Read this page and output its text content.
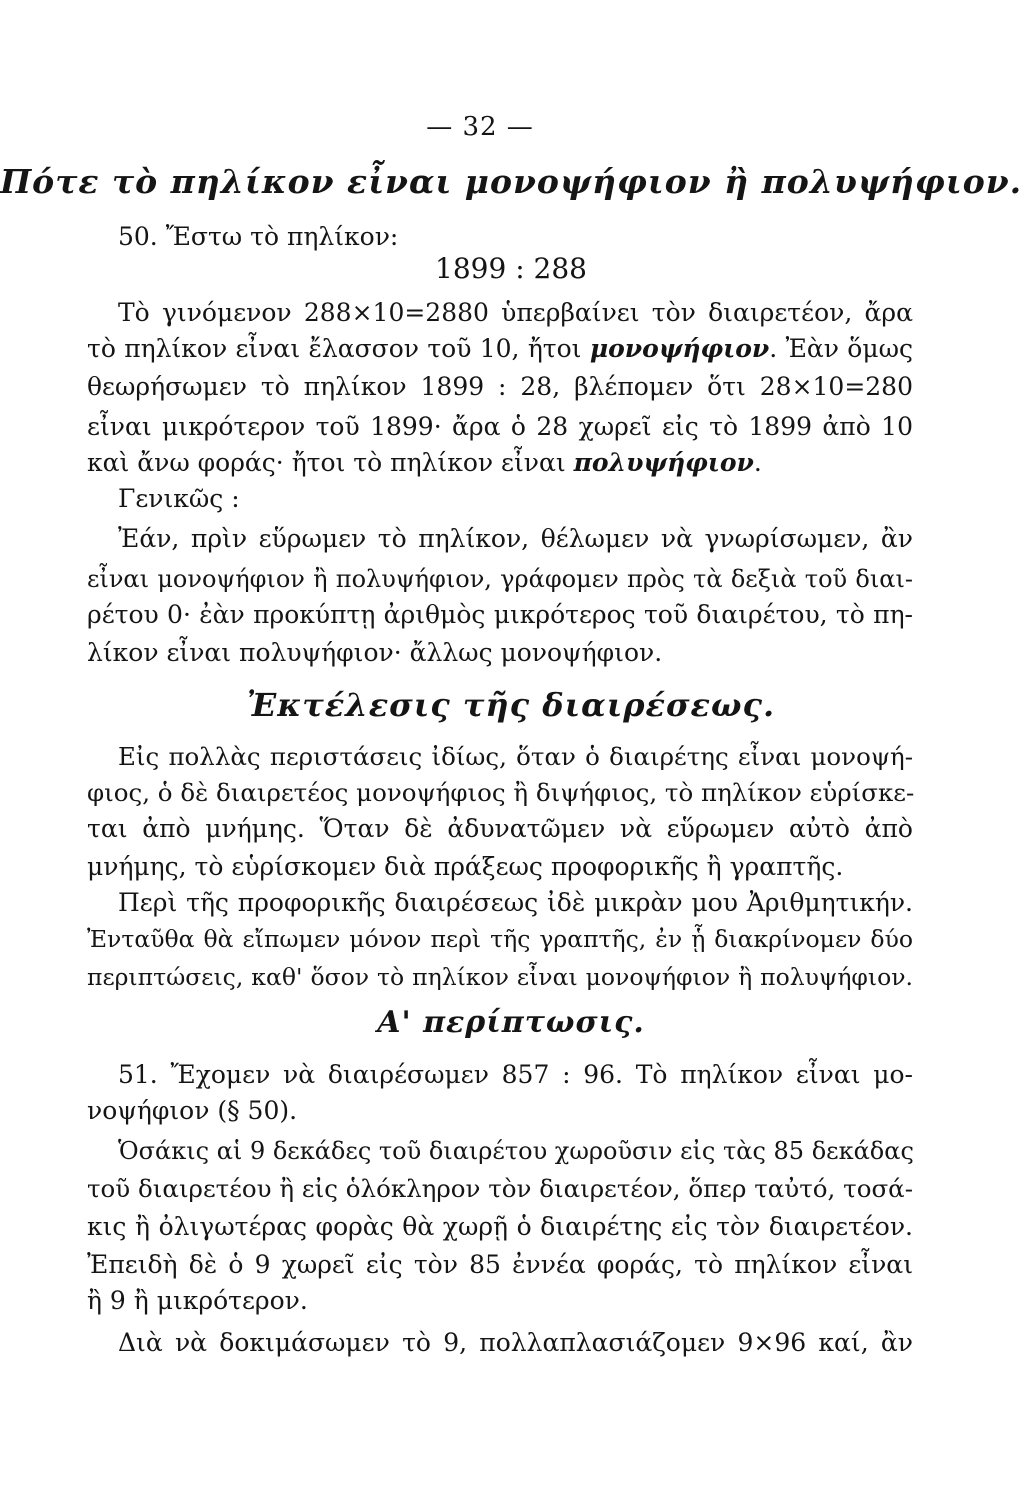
— 32 —
Πότε τὸ πηλίκον εἶναι μονοψήφιον ἢ πολυψήφιον.
50. Ἔστω τὸ πηλίκον:
1899 : 288
Τὸ γινόμενον 288×10=2880 ὑπερβαίνει τὸν διαιρετέον, ἄρα
τὸ πηλίκον εἶναι ἔλασσον τοῦ 10, ἤτοι μονοψήφιον. Ἐὰν ὅμως
θεωρήσωμεν τὸ πηλίκον 1899 : 28, βλέπομεν ὅτι 28×10=280
εἶναι μικρότερον τοῦ 1899· ἄρα ὁ 28 χωρεῖ εἰς τὸ 1899 ἀπὸ 10
καὶ ἄνω φοράς· ἤτοι τὸ πηλίκον εἶναι πολυψήφιον.
Γενικῶς :
Ἐάν, πρὶν εὕρωμεν τὸ πηλίκον, θέλωμεν νὰ γνωρίσωμεν, ἂν
εἶναι μονοψήφιον ἢ πολυψήφιον, γράφομεν πρὸς τὰ δεξιὰ τοῦ διαι-
ρέτου 0· ἐὰν προκύπτῃ ἀριθμὸς μικρότερος τοῦ διαιρέτου, τὸ πη-
λίκον εἶναι πολυψήφιον· ἄλλως μονοψήφιον.
Ἐκτέλεσις τῆς διαιρέσεως.
Εἰς πολλὰς περιστάσεις ἰδίως, ὅταν ὁ διαιρέτης εἶναι μονοψή-
φιος, ὁ δὲ διαιρετέος μονοψήφιος ἢ διψήφιος, τὸ πηλίκον εὑρίσκε-
ται ἀπὸ μνήμης. Ὅταν δὲ ἀδυνατῶμεν νὰ εὕρωμεν αὐτὸ ἀπὸ
μνήμης, τὸ εὑρίσκομεν διὰ πράξεως προφορικῆς ἢ γραπτῆς.
Περὶ τῆς προφορικῆς διαιρέσεως ἰδὲ μικρὰν μου Ἀριθμητικήν.
Ἐνταῦθα θὰ εἴπωμεν μόνον περὶ τῆς γραπτῆς, ἐν ᾗ διακρίνομεν δύο
περιπτώσεις, καθ' ὅσον τὸ πηλίκον εἶναι μονοψήφιον ἢ πολυψήφιον.
Α' περίπτωσις.
51. Ἔχομεν νὰ διαιρέσωμεν 857 : 96. Τὸ πηλίκον εἶναι μο-
νοψήφιον (§ 50).
Ὁσάκις αἱ 9 δεκάδες τοῦ διαιρέτου χωροῦσιν εἰς τὰς 85 δεκάδας
τοῦ διαιρετέου ἢ εἰς ὁλόκληρον τὸν διαιρετέον, ὅπερ ταὐτό, τοσά-
κις ἢ ὀλιγωτέρας φορὰς θὰ χωρῇ ὁ διαιρέτης εἰς τὸν διαιρετέον.
Ἐπειδὴ δὲ ὁ 9 χωρεῖ εἰς τὸν 85 ἐννέα φοράς, τὸ πηλίκον εἶναι
ἢ 9 ἢ μικρότερον.
Διὰ νὰ δοκιμάσωμεν τὸ 9, πολλαπλασιάζομεν 9×96 καί, ἂν
